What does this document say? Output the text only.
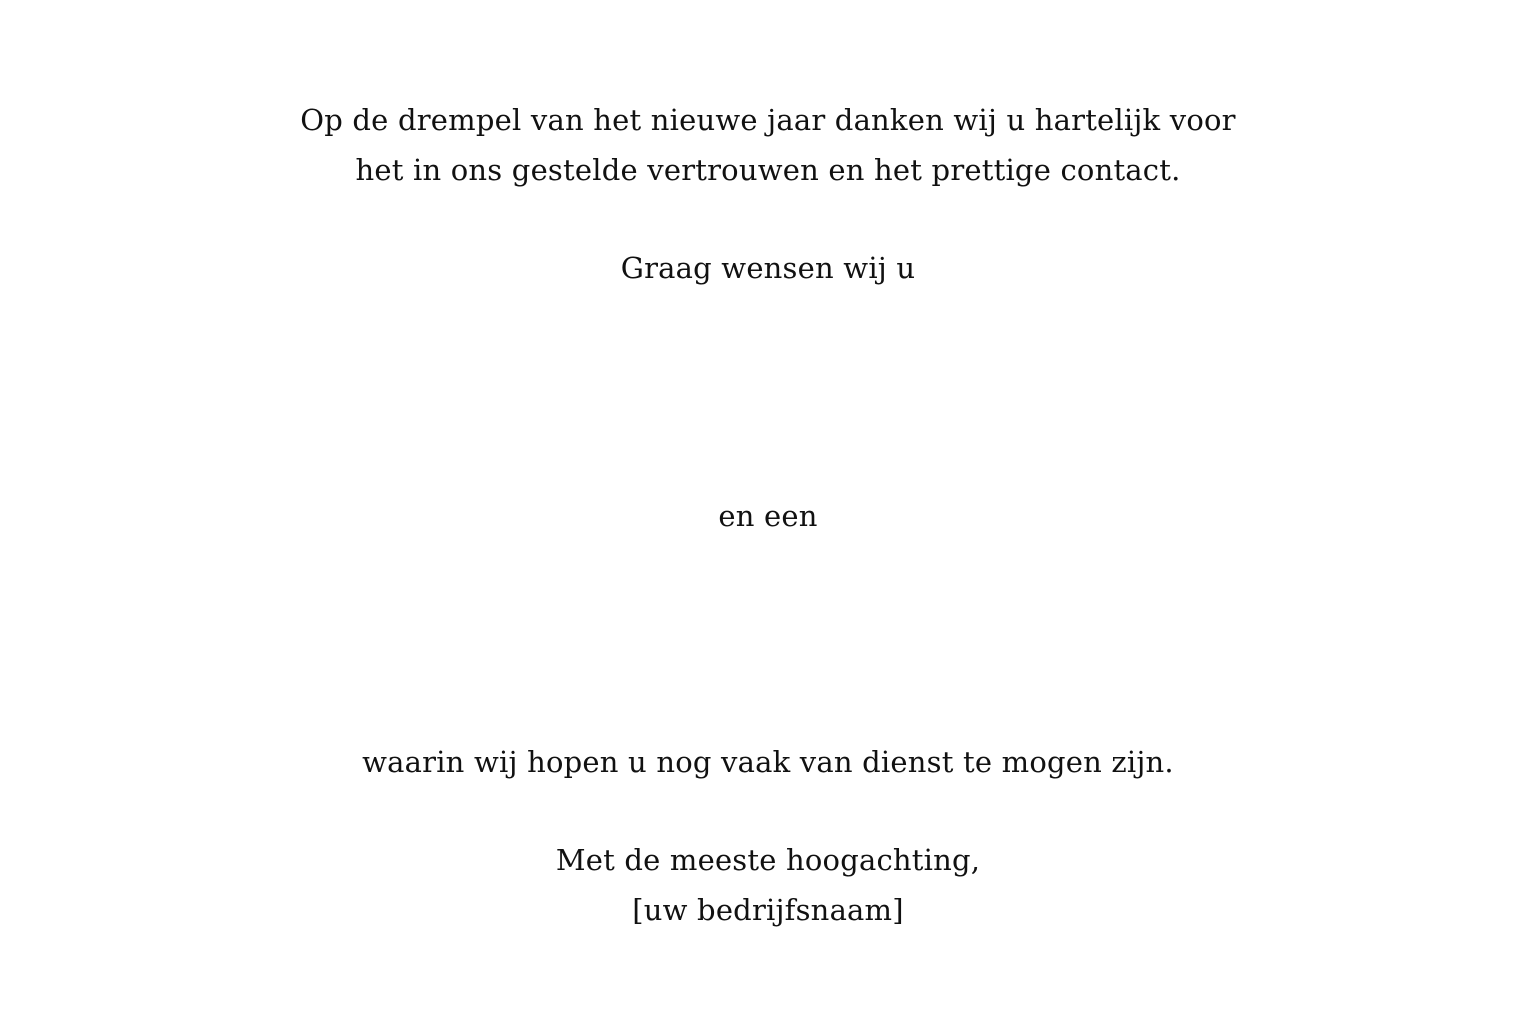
Op de drempel van het nieuwe jaar danken wij u hartelijk voor
het in ons gestelde vertrouwen en het prettige contact.
Graag wensen wij u
en een
waarin wij hopen u nog vaak van dienst te mogen zijn.
Met de meeste hoogachting,
[uw bedrijfsnaam]
